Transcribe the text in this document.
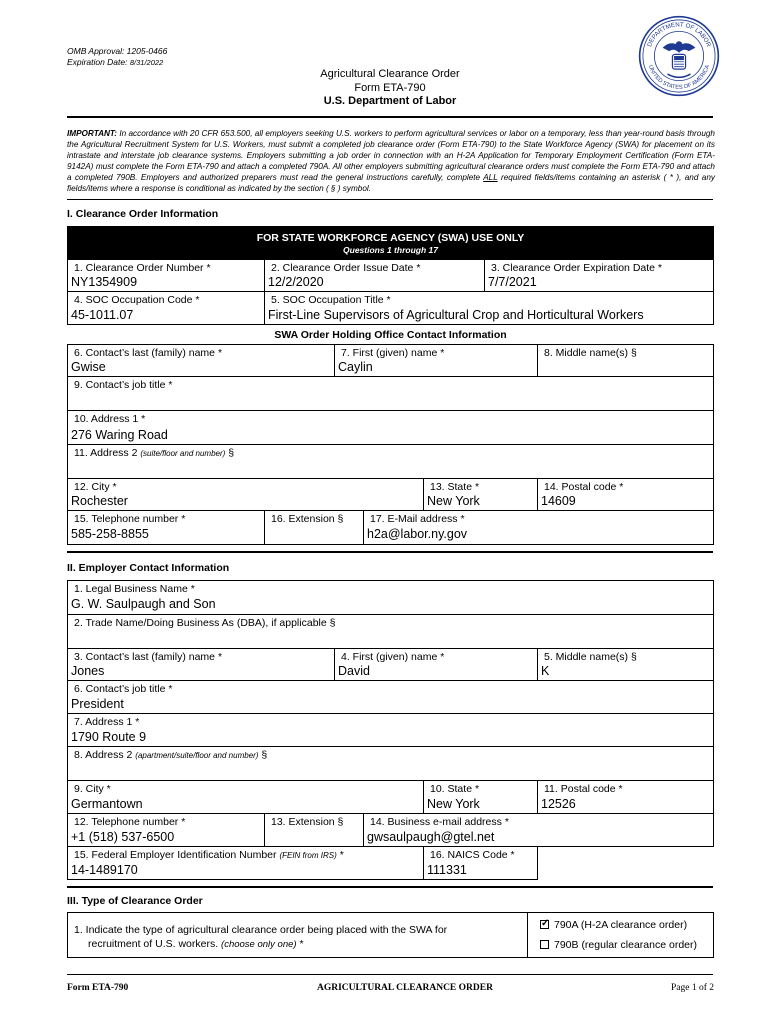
OMB Approval: 1205-0466
Expiration Date: 8/31/2022
Agricultural Clearance Order
Form ETA-790
U.S. Department of Labor
DEPARTMENT OF LABOR
UNITED STATES OF AMERICA
IMPORTANT: In accordance with 20 CFR 653.500, all employers seeking U.S. workers to perform agricultural services or labor on a temporary, less than year-round basis through the Agricultural Recruitment System for U.S. Workers, must submit a completed job clearance order (Form ETA-790) to the State Workforce Agency (SWA) for placement on its intrastate and interstate job clearance systems. Employers submitting a job order in connection with an H-2A Application for Temporary Employment Certification (Form ETA-9142A) must complete the Form ETA-790 and attach a completed 790A. All other employers submitting agricultural clearance orders must complete the Form ETA-790 and attach a completed 790B. Employers and authorized preparers must read the general instructions carefully, complete ALL required fields/items containing an asterisk ( * ), and any fields/items where a response is conditional as indicated by the section ( § ) symbol.
I. Clearance Order Information
FOR STATE WORKFORCE AGENCY (SWA) USE ONLY
Questions 1 through 17
1. Clearance Order Number *
NY1354909
2. Clearance Order Issue Date *
12/2/2020
3. Clearance Order Expiration Date *
7/7/2021
4. SOC Occupation Code *
45-1011.07
5. SOC Occupation Title *
First-Line Supervisors of Agricultural Crop and Horticultural Workers
SWA Order Holding Office Contact Information
6. Contact’s last (family) name *
Gwise
7. First (given) name *
Caylin
8. Middle name(s) §
9. Contact’s job title *
10. Address 1 *
276 Waring Road
11. Address 2 (suite/floor and number) §
12. City *
Rochester
13. State *
New York
14. Postal code *
14609
15. Telephone number *
585-258-8855
16. Extension §	17. E-Mail address *
h2a@labor.ny.gov
II. Employer Contact Information
1. Legal Business Name *
G. W. Saulpaugh and Son
2. Trade Name/Doing Business As (DBA), if applicable §
3. Contact’s last (family) name *
Jones
4. First (given) name *
David
5. Middle name(s) §
K
6. Contact’s job title *
President
7. Address 1 *
1790 Route 9
8. Address 2 (apartment/suite/floor and number) §
9. City *
Germantown
10. State *
New York
11. Postal code *
12526
12. Telephone number *
+1 (518) 537-6500
13. Extension §	14. Business e-mail address *
gwsaulpaugh@gtel.net
15. Federal Employer Identification Number (FEIN from IRS) *
14-1489170
16. NAICS Code *
111331
III. Type of Clearance Order
1. Indicate the type of agricultural clearance order being placed with the SWA for
recruitment of U.S. workers. (choose only one) *
✓790A (H-2A clearance order)
790B (regular clearance order)
Form ETA-790	AGRICULTURAL CLEARANCE ORDER	Page 1 of 2
